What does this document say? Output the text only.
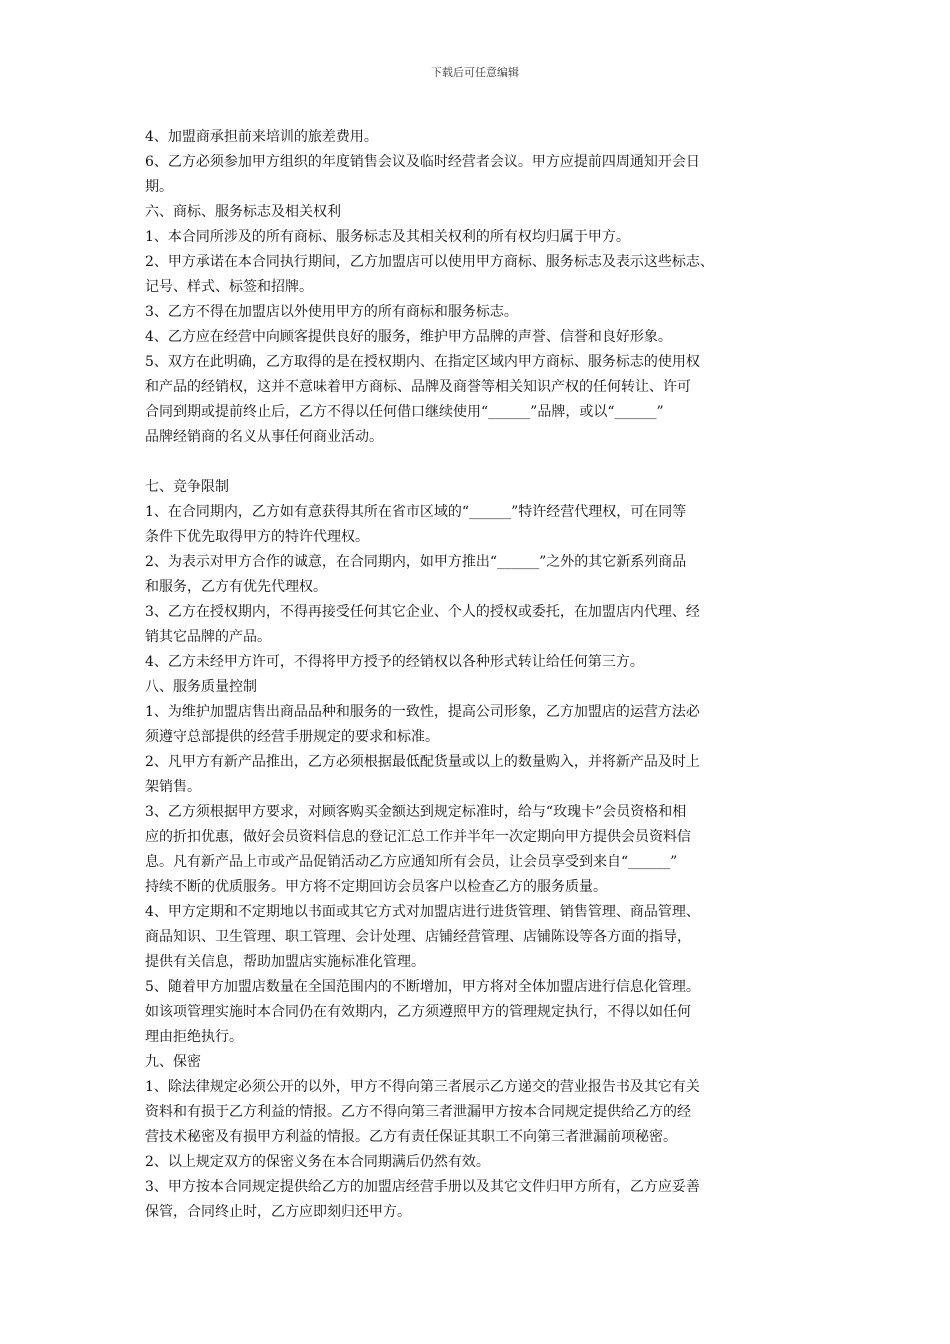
下载后可任意编辑
4、加盟商承担前来培训的旅差费用。
6、乙方必须参加甲方组织的年度销售会议及临时经营者会议。甲方应提前四周通知开会日
期。
六、商标、服务标志及相关权利
1、本合同所涉及的所有商标、服务标志及其相关权利的所有权均归属于甲方。
2、甲方承诺在本合同执行期间，乙方加盟店可以使用甲方商标、服务标志及表示这些标志、
记号、样式、标签和招牌。
3、乙方不得在加盟店以外使用甲方的所有商标和服务标志。
4、乙方应在经营中向顾客提供良好的服务，维护甲方品牌的声誉、信誉和良好形象。
5、双方在此明确，乙方取得的是在授权期内、在指定区域内甲方商标、服务标志的使用权
和产品的经销权，这并不意味着甲方商标、品牌及商誉等相关知识产权的任何转让、许可
合同到期或提前终止后，乙方不得以任何借口继续使用“______”品牌，或以“______”
品牌经销商的名义从事任何商业活动。
七、竞争限制
1、在合同期内，乙方如有意获得其所在省市区域的“______”特许经营代理权，可在同等
条件下优先取得甲方的特许代理权。
2、为表示对甲方合作的诚意，在合同期内，如甲方推出“______”之外的其它新系列商品
和服务，乙方有优先代理权。
3、乙方在授权期内，不得再接受任何其它企业、个人的授权或委托，在加盟店内代理、经
销其它品牌的产品。
4、乙方未经甲方许可，不得将甲方授予的经销权以各种形式转让给任何第三方。
八、服务质量控制
1、为维护加盟店售出商品品种和服务的一致性，提高公司形象，乙方加盟店的运营方法必
须遵守总部提供的经营手册规定的要求和标准。
2、凡甲方有新产品推出，乙方必须根据最低配货量或以上的数量购入，并将新产品及时上
架销售。
3、乙方须根据甲方要求，对顾客购买金额达到规定标准时，给与“玫瑰卡”会员资格和相
应的折扣优惠，做好会员资料信息的登记汇总工作并半年一次定期向甲方提供会员资料信
息。凡有新产品上市或产品促销活动乙方应通知所有会员，让会员享受到来自“______”
持续不断的优质服务。甲方将不定期回访会员客户以检查乙方的服务质量。
4、甲方定期和不定期地以书面或其它方式对加盟店进行进货管理、销售管理、商品管理、
商品知识、卫生管理、职工管理、会计处理、店铺经营管理、店铺陈设等各方面的指导，
提供有关信息，帮助加盟店实施标准化管理。
5、随着甲方加盟店数量在全国范围内的不断增加，甲方将对全体加盟店进行信息化管理。
如该项管理实施时本合同仍在有效期内，乙方须遵照甲方的管理规定执行，不得以如任何
理由拒绝执行。
九、保密
1、除法律规定必须公开的以外，甲方不得向第三者展示乙方递交的营业报告书及其它有关
资料和有损于乙方利益的情报。乙方不得向第三者泄漏甲方按本合同规定提供给乙方的经
营技术秘密及有损甲方利益的情报。乙方有责任保证其职工不向第三者泄漏前项秘密。
2、以上规定双方的保密义务在本合同期满后仍然有效。
3、甲方按本合同规定提供给乙方的加盟店经营手册以及其它文件归甲方所有，乙方应妥善
保管，合同终止时，乙方应即刻归还甲方。
